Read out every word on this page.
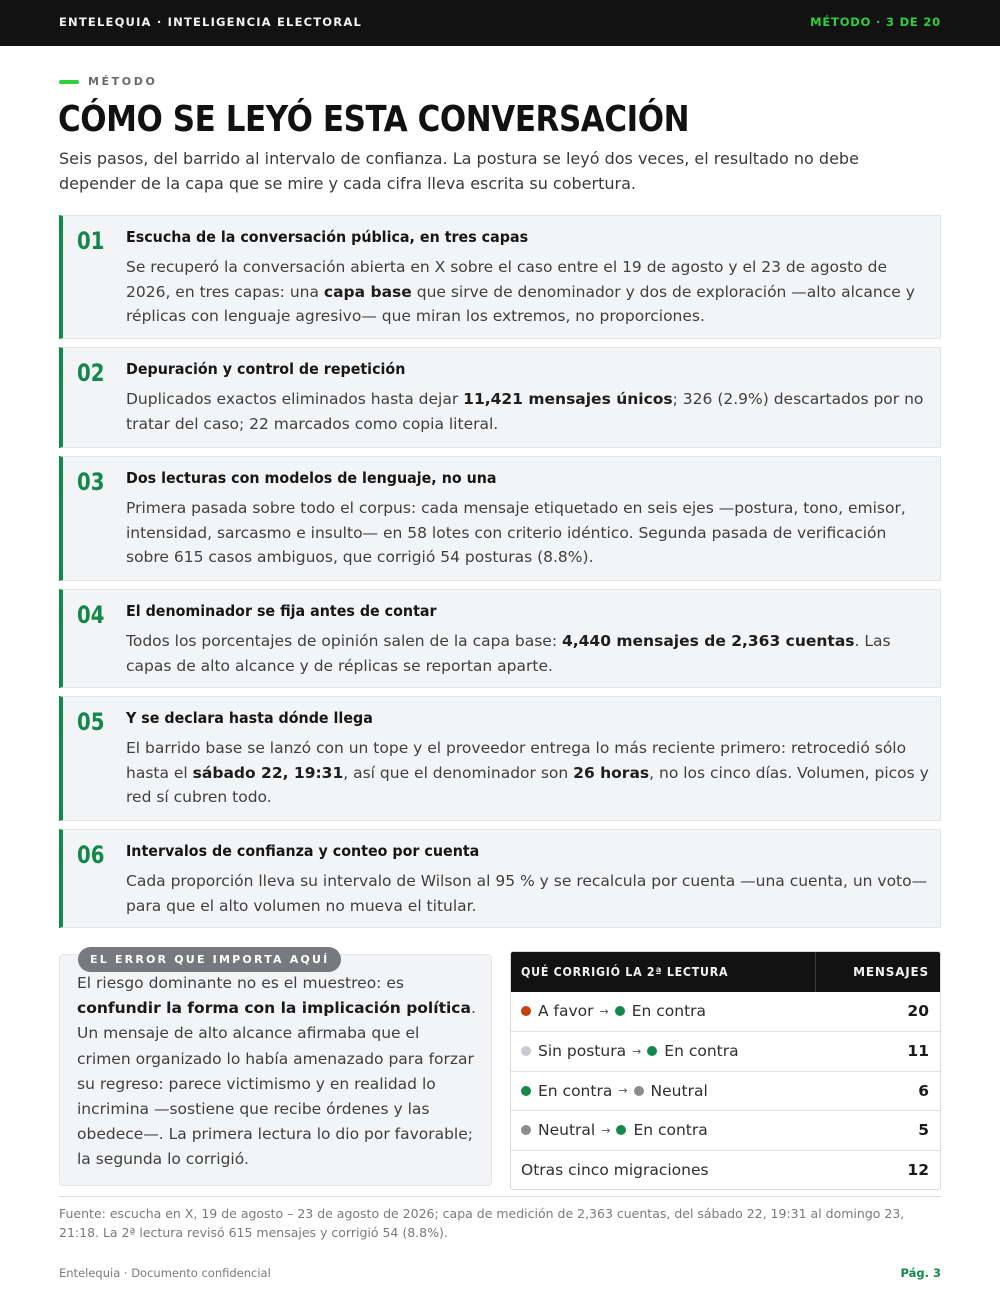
ENTELEQUIA · INTELIGENCIA ELECTORAL	MÉTODO · 3 DE 20
MÉTODO
CÓMO SE LEYÓ ESTA CONVERSACIÓN
Seis pasos, del barrido al intervalo de confianza. La postura se leyó dos veces, el resultado no debe depender de la capa que se mire y cada cifra lleva escrita su cobertura.
01 Escucha de la conversación pública, en tres capas
Se recuperó la conversación abierta en X sobre el caso entre el 19 de agosto y el 23 de agosto de 2026, en tres capas: una capa base que sirve de denominador y dos de exploración —alto alcance y réplicas con lenguaje agresivo— que miran los extremos, no proporciones.
02 Depuración y control de repetición
Duplicados exactos eliminados hasta dejar 11,421 mensajes únicos; 326 (2.9%) descartados por no tratar del caso; 22 marcados como copia literal.
03 Dos lecturas con modelos de lenguaje, no una
Primera pasada sobre todo el corpus: cada mensaje etiquetado en seis ejes —postura, tono, emisor, intensidad, sarcasmo e insulto— en 58 lotes con criterio idéntico. Segunda pasada de verificación sobre 615 casos ambiguos, que corrigió 54 posturas (8.8%).
04 El denominador se fija antes de contar
Todos los porcentajes de opinión salen de la capa base: 4,440 mensajes de 2,363 cuentas. Las capas de alto alcance y de réplicas se reportan aparte.
05 Y se declara hasta dónde llega
El barrido base se lanzó con un tope y el proveedor entrega lo más reciente primero: retrocedió sólo hasta el sábado 22, 19:31, así que el denominador son 26 horas, no los cinco días. Volumen, picos y red sí cubren todo.
06 Intervalos de confianza y conteo por cuenta
Cada proporción lleva su intervalo de Wilson al 95 % y se recalcula por cuenta —una cuenta, un voto— para que el alto volumen no mueva el titular.
EL ERROR QUE IMPORTA AQUÍ
El riesgo dominante no es el muestreo: es confundir la forma con la implicación política. Un mensaje de alto alcance afirmaba que el crimen organizado lo había amenazado para forzar su regreso: parece victimismo y en realidad lo incrimina —sostiene que recibe órdenes y las obedece—. La primera lectura lo dio por favorable; la segunda lo corrigió.
QUÉ CORRIGIÓ LA 2ª LECTURA	MENSAJES
A favor → En contra	20
Sin postura → En contra	11
En contra → Neutral	6
Neutral → En contra	5
Otras cinco migraciones	12
Fuente: escucha en X, 19 de agosto – 23 de agosto de 2026; capa de medición de 2,363 cuentas, del sábado 22, 19:31 al domingo 23, 21:18. La 2ª lectura revisó 615 mensajes y corrigió 54 (8.8%).
Entelequia · Documento confidencial	Pág. 3
